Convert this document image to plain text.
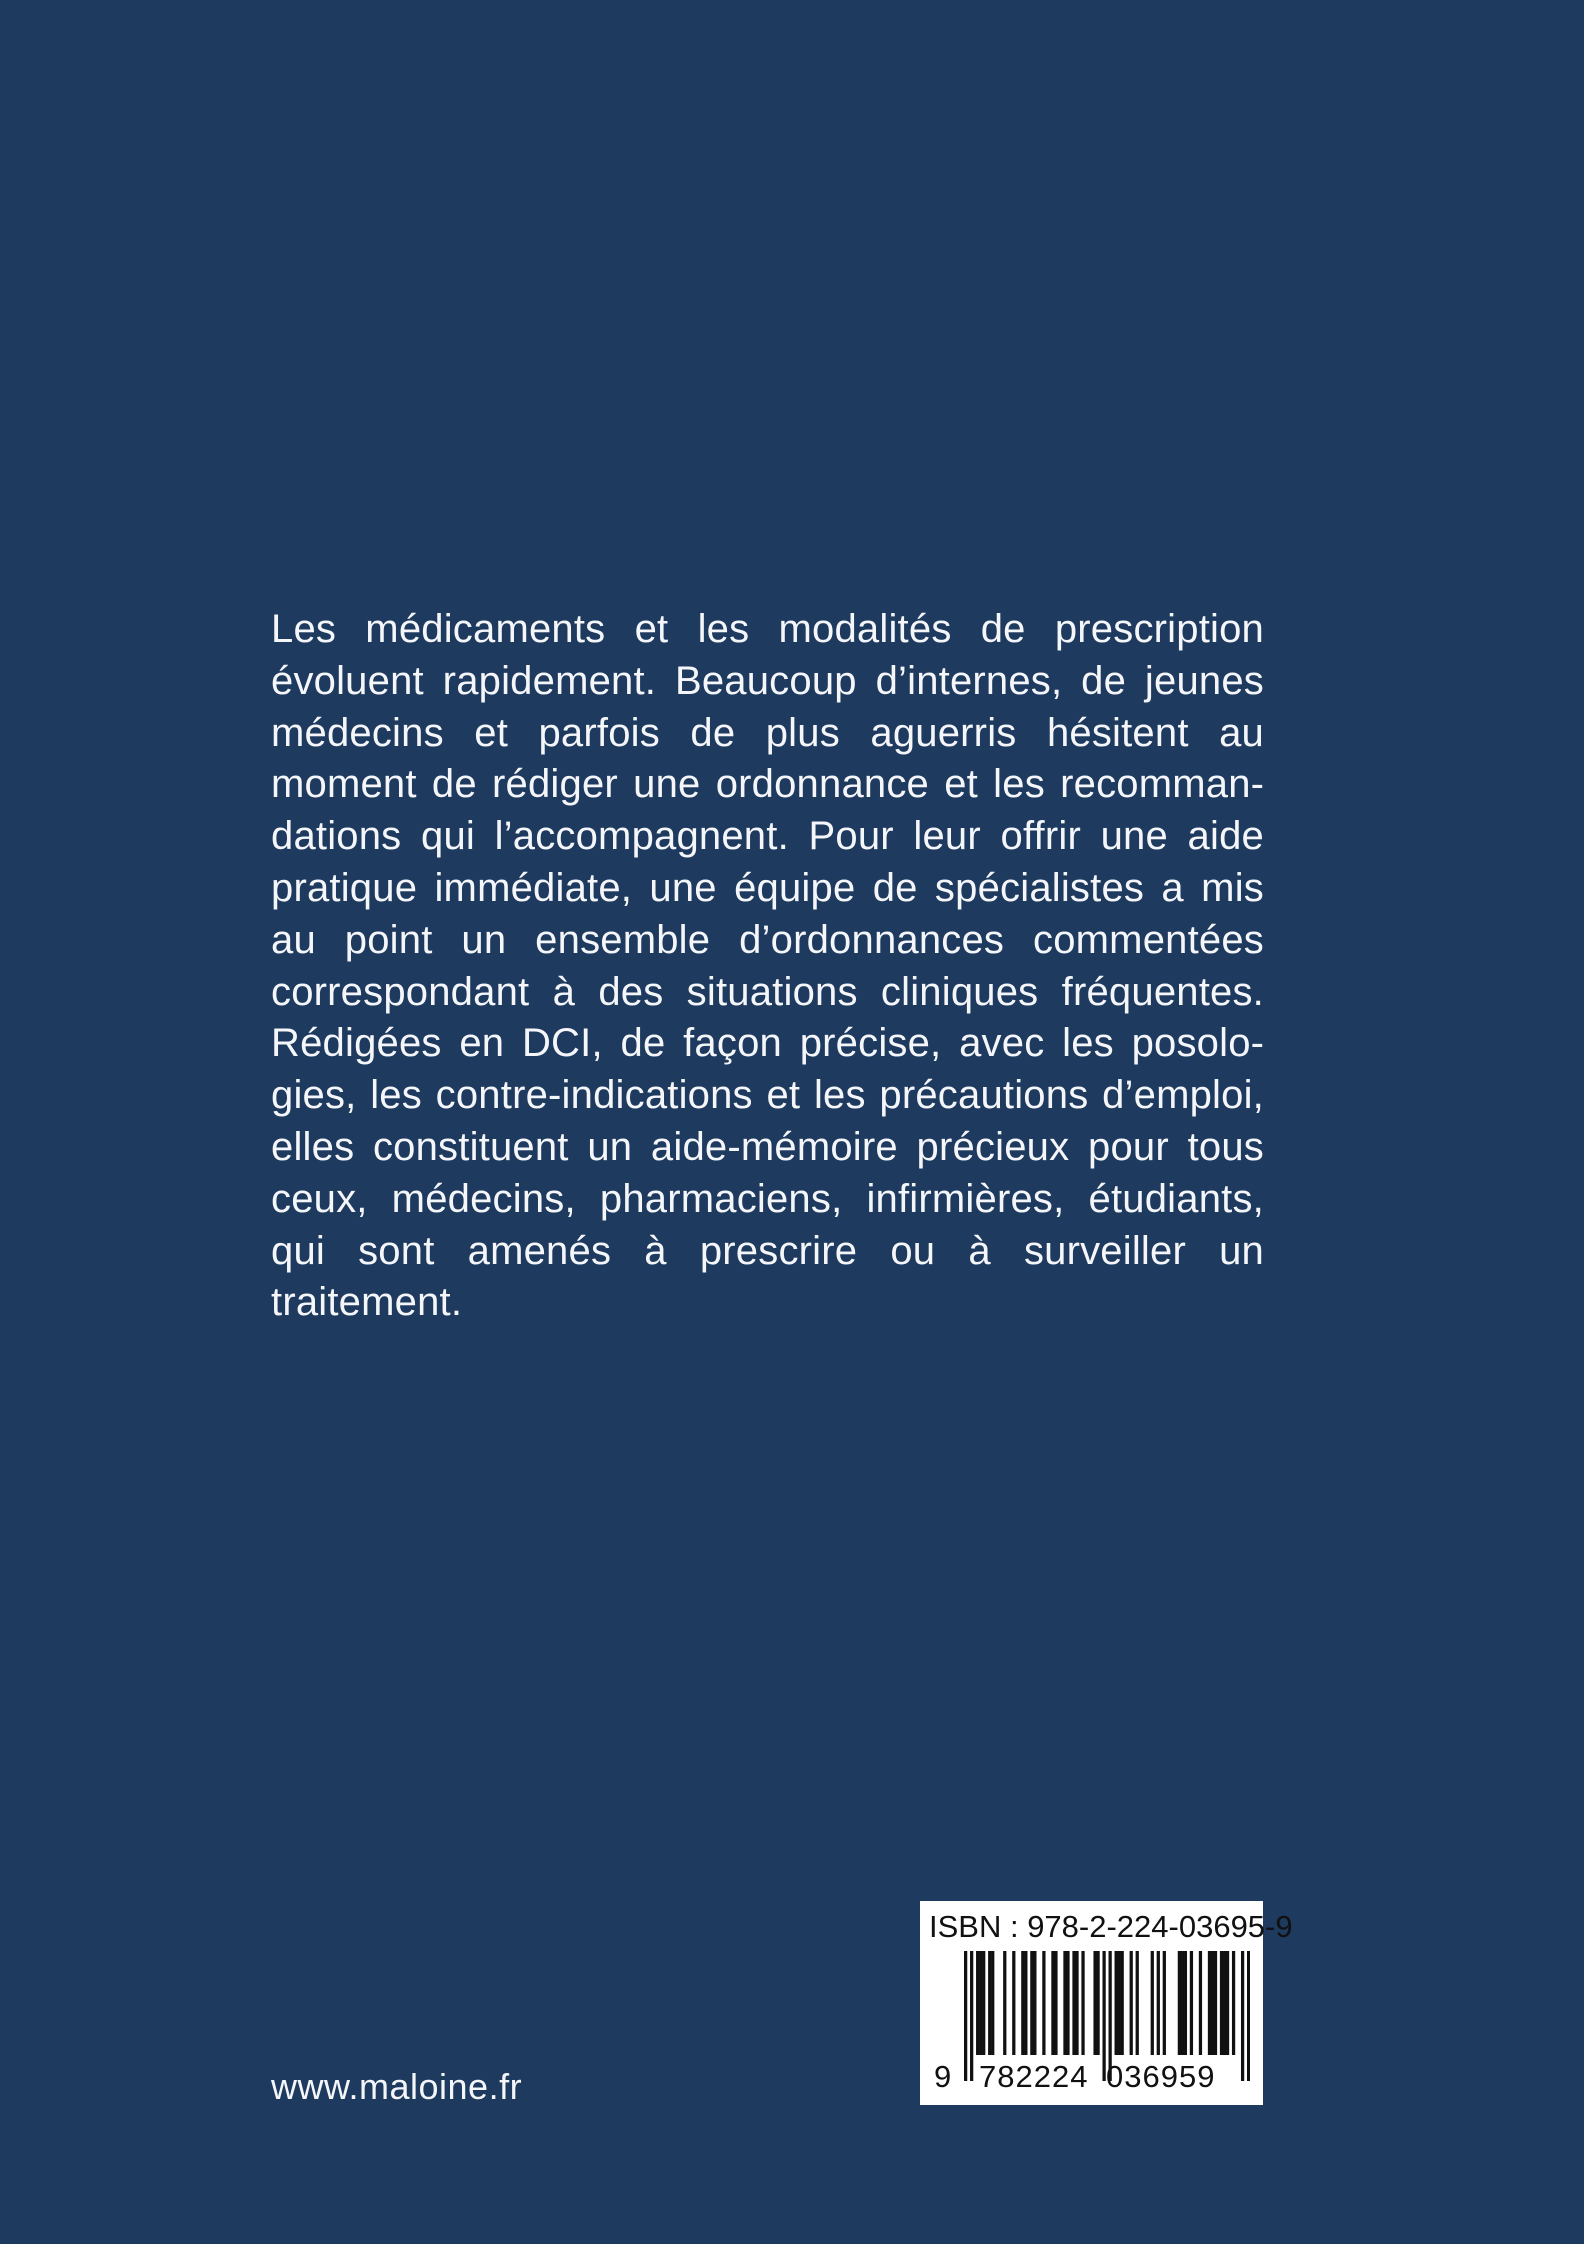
Les médicaments et les modalités de prescription évoluent rapidement. Beaucoup d’internes, de jeunes médecins et parfois de plus aguerris hésitent au moment de rédiger une ordonnance et les recommandations qui l’accompagnent. Pour leur offrir une aide pratique immédiate, une équipe de spécialistes a mis au point un ensemble d’ordonnances commentées correspondant à des situations cliniques fréquentes. Rédigées en DCI, de façon précise, avec les posologies, les contre-indications et les précautions d’emploi, elles constituent un aide-mémoire précieux pour tous ceux, médecins, pharmaciens, infirmières, étudiants, qui sont amenés à prescrire ou à surveiller un traitement.

www.maloine.fr
ISBN : 978-2-224-03695-9
9 782224 036959
